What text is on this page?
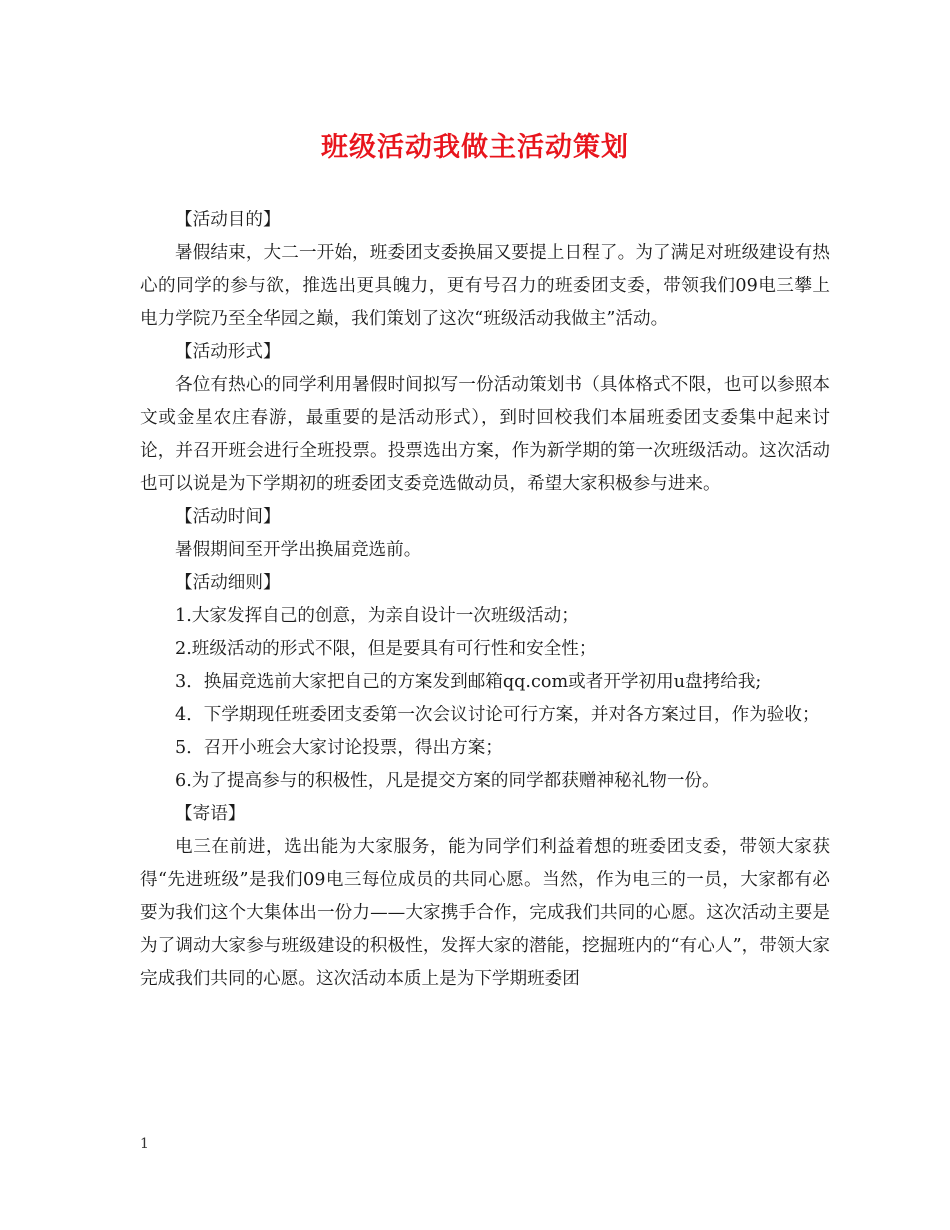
班级活动我做主活动策划

【活动目的】

暑假结束，大二一开始，班委团支委换届又要提上日程了。为了满足对班级建设有热心的同学的参与欲，推选出更具魄力，更有号召力的班委团支委，带领我们09电三攀上电力学院乃至全华园之巅，我们策划了这次“班级活动我做主”活动。

【活动形式】

各位有热心的同学利用暑假时间拟写一份活动策划书（具体格式不限，也可以参照本文或金星农庄春游，最重要的是活动形式），到时回校我们本届班委团支委集中起来讨论，并召开班会进行全班投票。投票选出方案，作为新学期的第一次班级活动。这次活动也可以说是为下学期初的班委团支委竞选做动员，希望大家积极参与进来。

【活动时间】

暑假期间至开学出换届竞选前。

【活动细则】

1.大家发挥自己的创意，为亲自设计一次班级活动；

2.班级活动的形式不限，但是要具有可行性和安全性；

3．换届竞选前大家把自己的方案发到邮箱qq.com或者开学初用u盘拷给我;

4．下学期现任班委团支委第一次会议讨论可行方案，并对各方案过目，作为验收；

5．召开小班会大家讨论投票，得出方案；

6.为了提高参与的积极性，凡是提交方案的同学都获赠神秘礼物一份。

【寄语】

电三在前进，选出能为大家服务，能为同学们利益着想的班委团支委，带领大家获得“先进班级”是我们09电三每位成员的共同心愿。当然，作为电三的一员，大家都有必要为我们这个大集体出一份力——大家携手合作，完成我们共同的心愿。这次活动主要是为了调动大家参与班级建设的积极性，发挥大家的潜能，挖掘班内的“有心人”，带领大家完成我们共同的心愿。这次活动本质上是为下学期班委团

1
